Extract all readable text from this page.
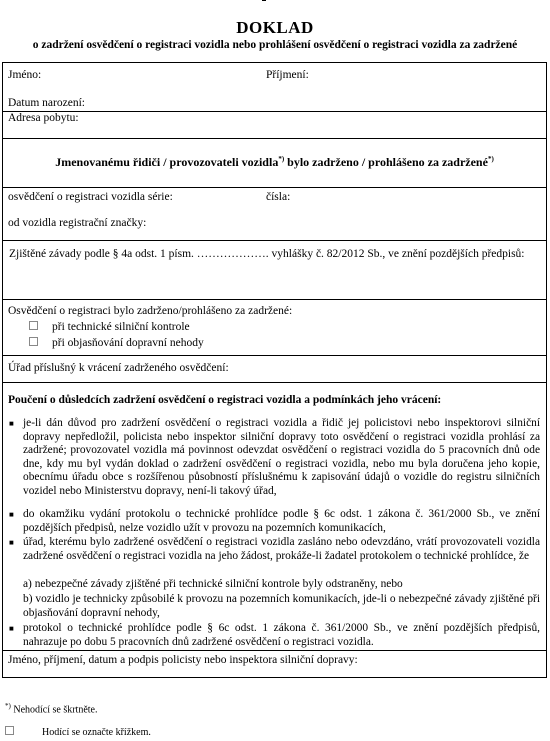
DOKLAD
o zadržení osvědčení o registraci vozidla nebo prohlášení osvědčení o registraci vozidla za zadržené
Jméno:	Příjmení:
Datum narození:
Adresa pobytu:
Jmenovanému řidiči / provozovateli vozidla*) bylo zadrženo / prohlášeno za zadržené*)
osvědčení o registraci vozidla série:	čísla:
od vozidla registrační značky:
Zjištěné závady podle § 4a odst. 1 písm. ………………. vyhlášky č. 82/2012 Sb., ve znění pozdějších předpisů:
Osvědčení o registraci bylo zadrženo/prohlášeno za zadržené:
při technické silniční kontrole
při objasňování dopravní nehody
Úřad příslušný k vrácení zadrženého osvědčení:
Poučení o důsledcích zadržení osvědčení o registraci vozidla a podmínkách jeho vrácení:
■ je-li dán důvod pro zadržení osvědčení o registraci vozidla a řidič jej policistovi nebo inspektorovi silniční dopravy nepředložil, policista nebo inspektor silniční dopravy toto osvědčení o registraci vozidla prohlásí za zadržené; provozovatel vozidla má povinnost odevzdat osvědčení o registraci vozidla do 5 pracovních dnů ode dne, kdy mu byl vydán doklad o zadržení osvědčení o registraci vozidla, nebo mu byla doručena jeho kopie, obecnímu úřadu obce s rozšířenou působností příslušnému k zapisování údajů o vozidle do registru silničních vozidel nebo Ministerstvu dopravy, není-li takový úřad,
■ do okamžiku vydání protokolu o technické prohlídce podle § 6c odst. 1 zákona č. 361/2000 Sb., ve znění pozdějších předpisů, nelze vozidlo užít v provozu na pozemních komunikacích,
■ úřad, kterému bylo zadržené osvědčení o registraci vozidla zasláno nebo odevzdáno, vrátí provozovateli vozidla zadržené osvědčení o registraci vozidla na jeho žádost, prokáže-li žadatel protokolem o technické prohlídce, že
a) nebezpečné závady zjištěné při technické silniční kontrole byly odstraněny, nebo
b) vozidlo je technicky způsobilé k provozu na pozemních komunikacích, jde-li o nebezpečné závady zjištěné při objasňování dopravní nehody,
■ protokol o technické prohlídce podle § 6c odst. 1 zákona č. 361/2000 Sb., ve znění pozdějších předpisů, nahrazuje po dobu 5 pracovních dnů zadržené osvědčení o registraci vozidla.
Jméno, příjmení, datum a podpis policisty nebo inspektora silniční dopravy:
*) Nehodící se škrtněte.
Hodící se označte křížkem.
